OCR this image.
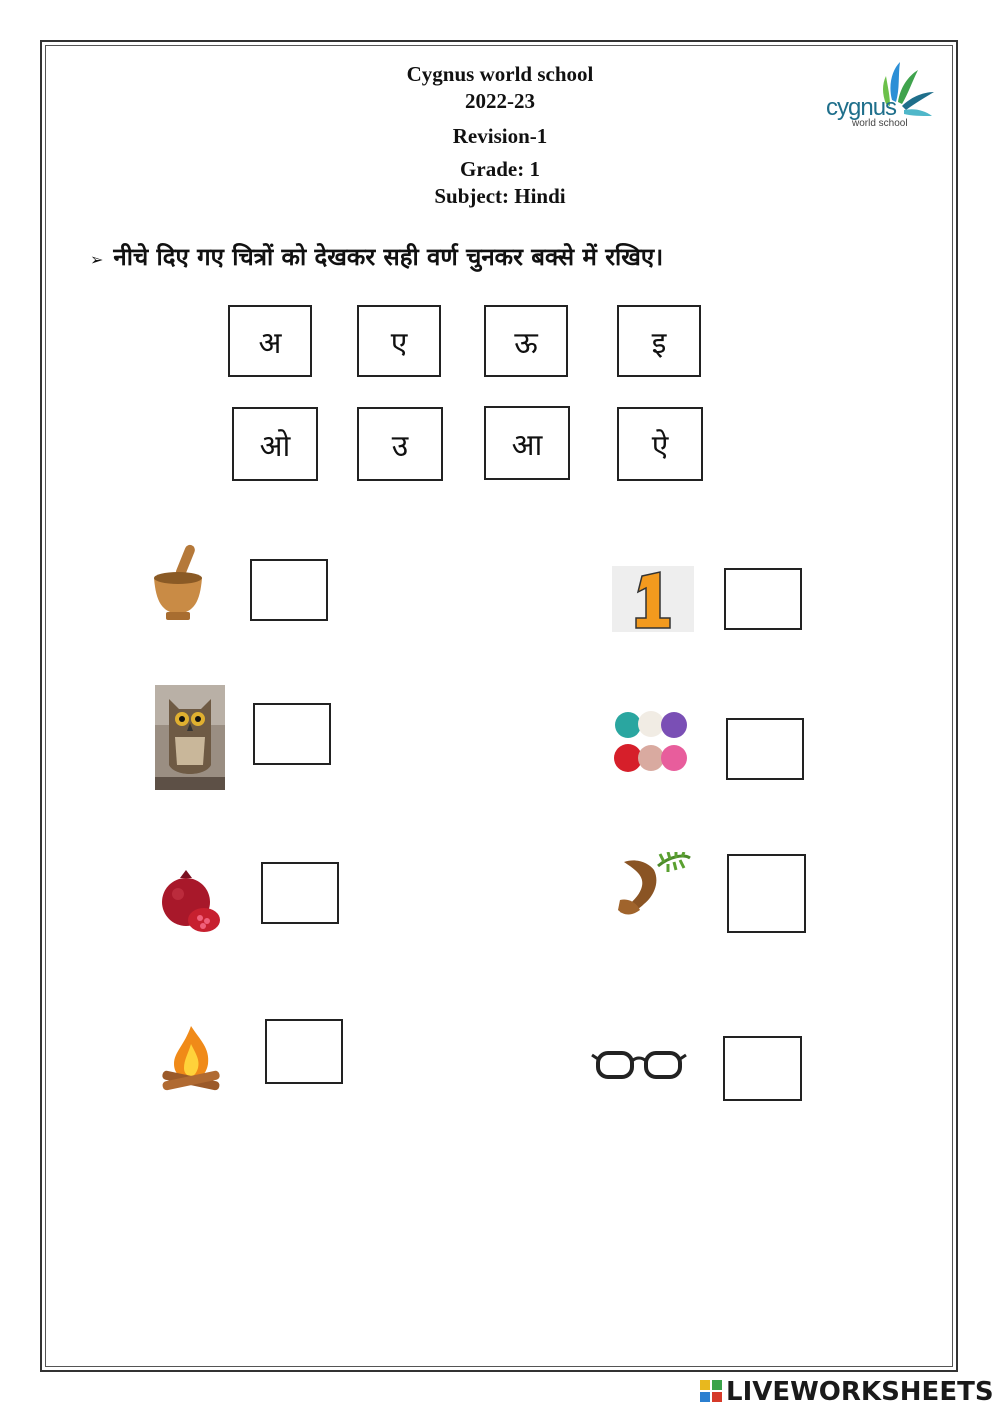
Cygnus world school
2022-23
Revision-1
Grade: 1
Subject: Hindi
cygnus
world school
➢ नीचे दिए गए चित्रों को देखकर सही वर्ण चुनकर बक्से में रखिए।
अ	ए	ऊ	इ
ओ	उ	आ	ऐ
LIVEWORKSHEETS
